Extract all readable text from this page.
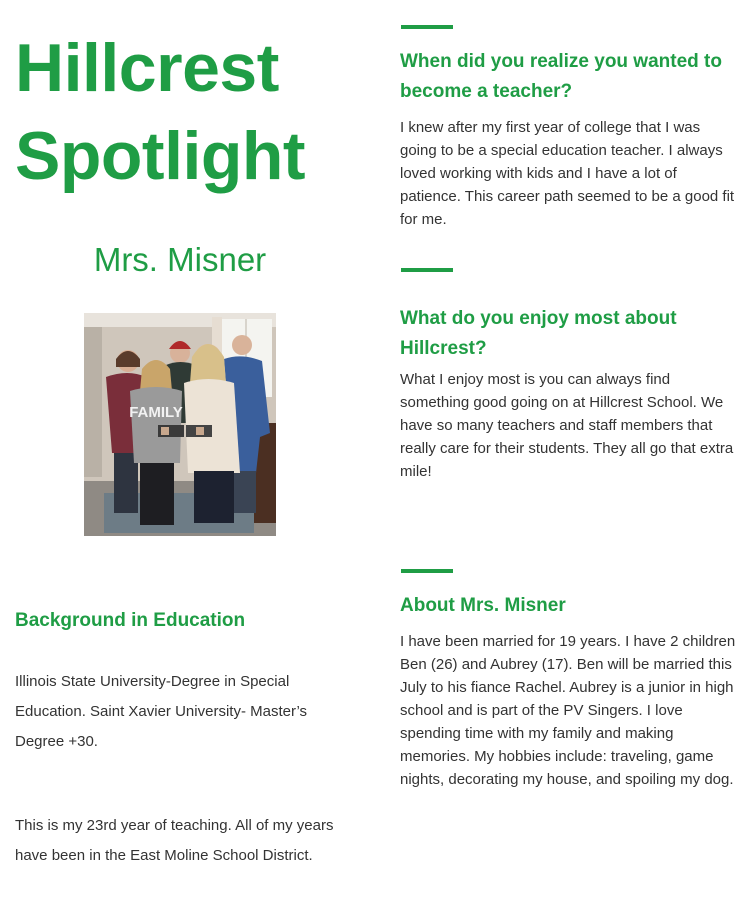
Hillcrest
Spotlight
Mrs. Misner
FAMILY
Background in Education

Illinois State University-Degree in Special Education. Saint Xavier University- Master’s Degree +30.

This is my 23rd year of teaching. All of my years have been in the East Moline School District.

When did you realize you wanted to become a teacher?

I knew after my first year of college that I was going to be a special education teacher. I always loved working with kids and I have a lot of patience. This career path seemed to be a good fit for me.

What do you enjoy most about Hillcrest?

What I enjoy most is you can always find something good going on at Hillcrest School. We have so many teachers and staff members that really care for their students. They all go that extra mile!

About Mrs. Misner

I have been married for 19 years. I have 2 children Ben (26) and Aubrey (17). Ben will be married this July to his fiance Rachel. Aubrey is a junior in high school and is part of the PV Singers. I love spending time with my family and making memories. My hobbies include: traveling, game nights, decorating my house, and spoiling my dog.
